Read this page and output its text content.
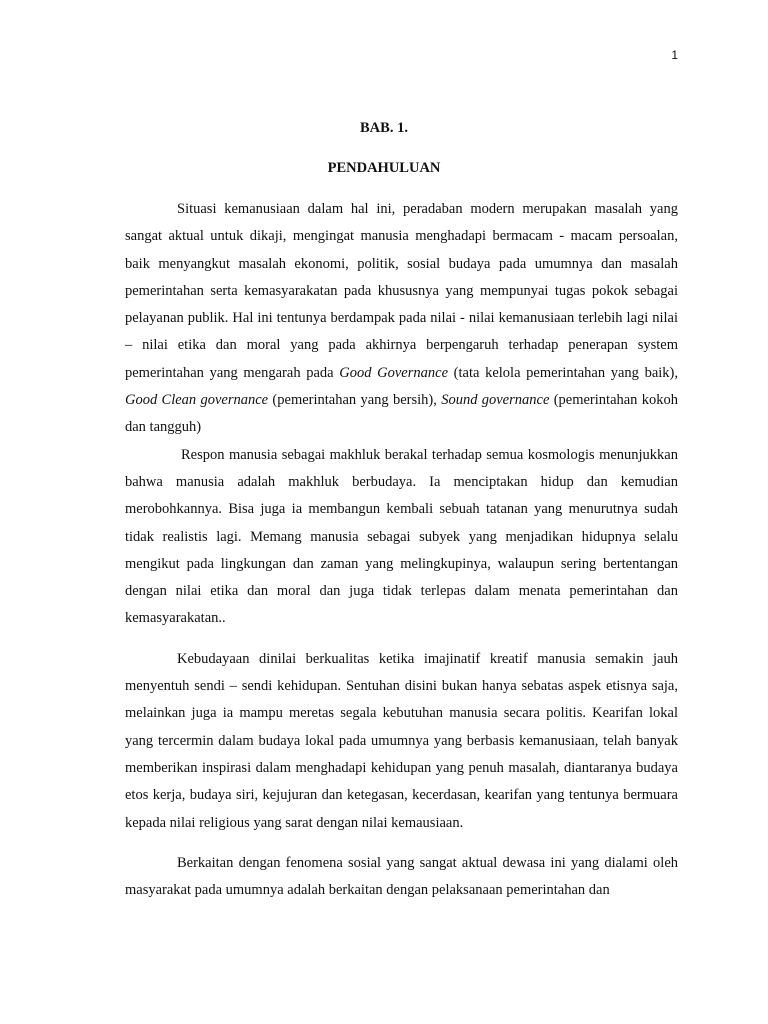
1
BAB. 1.
PENDAHULUAN

Situasi kemanusiaan dalam hal ini, peradaban modern merupakan masalah yang sangat aktual untuk dikaji, mengingat manusia menghadapi bermacam - macam persoalan, baik menyangkut masalah ekonomi, politik, sosial budaya pada umumnya dan masalah pemerintahan serta kemasyarakatan pada khususnya yang mempunyai tugas pokok sebagai pelayanan publik. Hal ini tentunya berdampak pada nilai - nilai kemanusiaan terlebih lagi nilai – nilai etika dan moral yang pada akhirnya berpengaruh terhadap penerapan system pemerintahan yang mengarah pada Good Governance (tata kelola pemerintahan yang baik), Good Clean governance (pemerintahan yang bersih), Sound governance (pemerintahan kokoh dan tangguh)

Respon manusia sebagai makhluk berakal terhadap semua kosmologis menunjukkan bahwa manusia adalah makhluk berbudaya. Ia menciptakan hidup dan kemudian merobohkannya. Bisa juga ia membangun kembali sebuah tatanan yang menurutnya sudah tidak realistis lagi. Memang manusia sebagai subyek yang menjadikan hidupnya selalu mengikut pada lingkungan dan zaman yang melingkupinya, walaupun sering bertentangan dengan nilai etika dan moral dan juga tidak terlepas dalam menata pemerintahan dan kemasyarakatan..

Kebudayaan dinilai berkualitas ketika imajinatif kreatif manusia semakin jauh menyentuh sendi – sendi kehidupan. Sentuhan disini bukan hanya sebatas aspek etisnya saja, melainkan juga ia mampu meretas segala kebutuhan manusia secara politis. Kearifan lokal yang tercermin dalam budaya lokal pada umumnya yang berbasis kemanusiaan, telah banyak memberikan inspirasi dalam menghadapi kehidupan yang penuh masalah, diantaranya budaya etos kerja, budaya siri, kejujuran dan ketegasan, kecerdasan, kearifan yang tentunya bermuara kepada nilai religious yang sarat dengan nilai kemausiaan.

Berkaitan dengan fenomena sosial yang sangat aktual dewasa ini yang dialami oleh masyarakat pada umumnya adalah berkaitan dengan pelaksanaan pemerintahan dan
